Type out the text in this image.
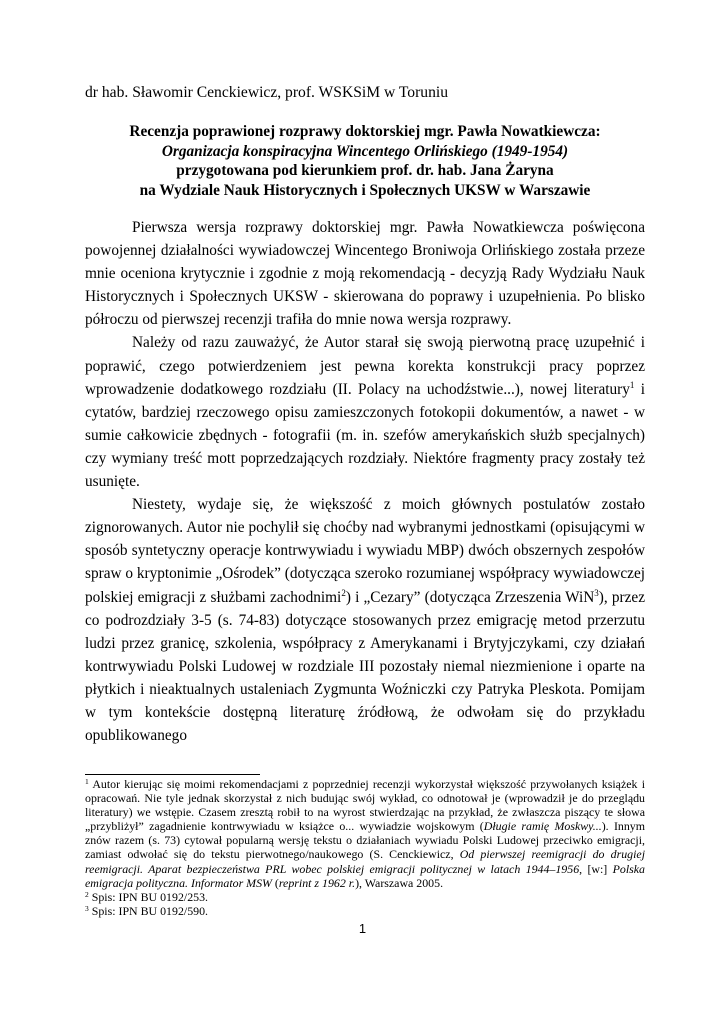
dr hab. Sławomir Cenckiewicz, prof. WSKSiM w Toruniu
Recenzja poprawionej rozprawy doktorskiej mgr. Pawła Nowatkiewcza:
Organizacja konspiracyjna Wincentego Orlińskiego (1949-1954)
przygotowana pod kierunkiem prof. dr. hab. Jana Żaryna
na Wydziale Nauk Historycznych i Społecznych UKSW w Warszawie

Pierwsza wersja rozprawy doktorskiej mgr. Pawła Nowatkiewcza poświęcona powojennej działalności wywiadowczej Wincentego Broniwoja Orlińskiego została przeze mnie oceniona krytycznie i zgodnie z moją rekomendacją - decyzją Rady Wydziału Nauk Historycznych i Społecznych UKSW - skierowana do poprawy i uzupełnienia. Po blisko półroczu od pierwszej recenzji trafiła do mnie nowa wersja rozprawy.

Należy od razu zauważyć, że Autor starał się swoją pierwotną pracę uzupełnić i poprawić, czego potwierdzeniem jest pewna korekta konstrukcji pracy poprzez wprowadzenie dodatkowego rozdziału (II. Polacy na uchodźstwie...), nowej literatury$^1$ i cytatów, bardziej rzeczowego opisu zamieszczonych fotokopii dokumentów, a nawet - w sumie całkowicie zbędnych - fotografii (m. in. szefów amerykańskich służb specjalnych) czy wymiany treść mott poprzedzających rozdziały. Niektóre fragmenty pracy zostały też usunięte.

Niestety, wydaje się, że większość z moich głównych postulatów zostało zignorowanych. Autor nie pochylił się choćby nad wybranymi jednostkami (opisującymi w sposób syntetyczny operacje kontrwywiadu i wywiadu MBP) dwóch obszernych zespołów spraw o kryptonimie „Ośrodek” (dotycząca szeroko rozumianej współpracy wywiadowczej polskiej emigracji z służbami zachodnimi$^2$) i „Cezary” (dotycząca Zrzeszenia WiN$^3$), przez co podrozdziały 3-5 (s. 74-83) dotyczące stosowanych przez emigrację metod przerzutu ludzi przez granicę, szkolenia, współpracy z Amerykanami i Brytyjczykami, czy działań kontrwywiadu Polski Ludowej w rozdziale III pozostały niemal niezmienione i oparte na płytkich i nieaktualnych ustaleniach Zygmunta Woźniczki czy Patryka Pleskota. Pomijam w tym kontekście dostępną literaturę źródłową, że odwołam się do przykładu opublikowanego

$^1$ Autor kierując się moimi rekomendacjami z poprzedniej recenzji wykorzystał większość przywołanych książek i opracowań. Nie tyle jednak skorzystał z nich budując swój wykład, co odnotował je (wprowadził je do przeglądu literatury) we wstępie. Czasem zresztą robił to na wyrost stwierdzając na przykład, że zwłaszcza piszący te słowa „przybliżył” zagadnienie kontrwywiadu w książce o... wywiadzie wojskowym (Długie ramię Moskwy...). Innym znów razem (s. 73) cytował popularną wersję tekstu o działaniach wywiadu Polski Ludowej przeciwko emigracji, zamiast odwołać się do tekstu pierwotnego/naukowego (S. Cenckiewicz, Od pierwszej reemigracji do drugiej reemigracji. Aparat bezpieczeństwa PRL wobec polskiej emigracji politycznej w latach 1944–1956, [w:] Polska emigracja polityczna. Informator MSW (reprint z 1962 r.), Warszawa 2005.

$^2$ Spis: IPN BU 0192/253.

$^3$ Spis: IPN BU 0192/590.

1
